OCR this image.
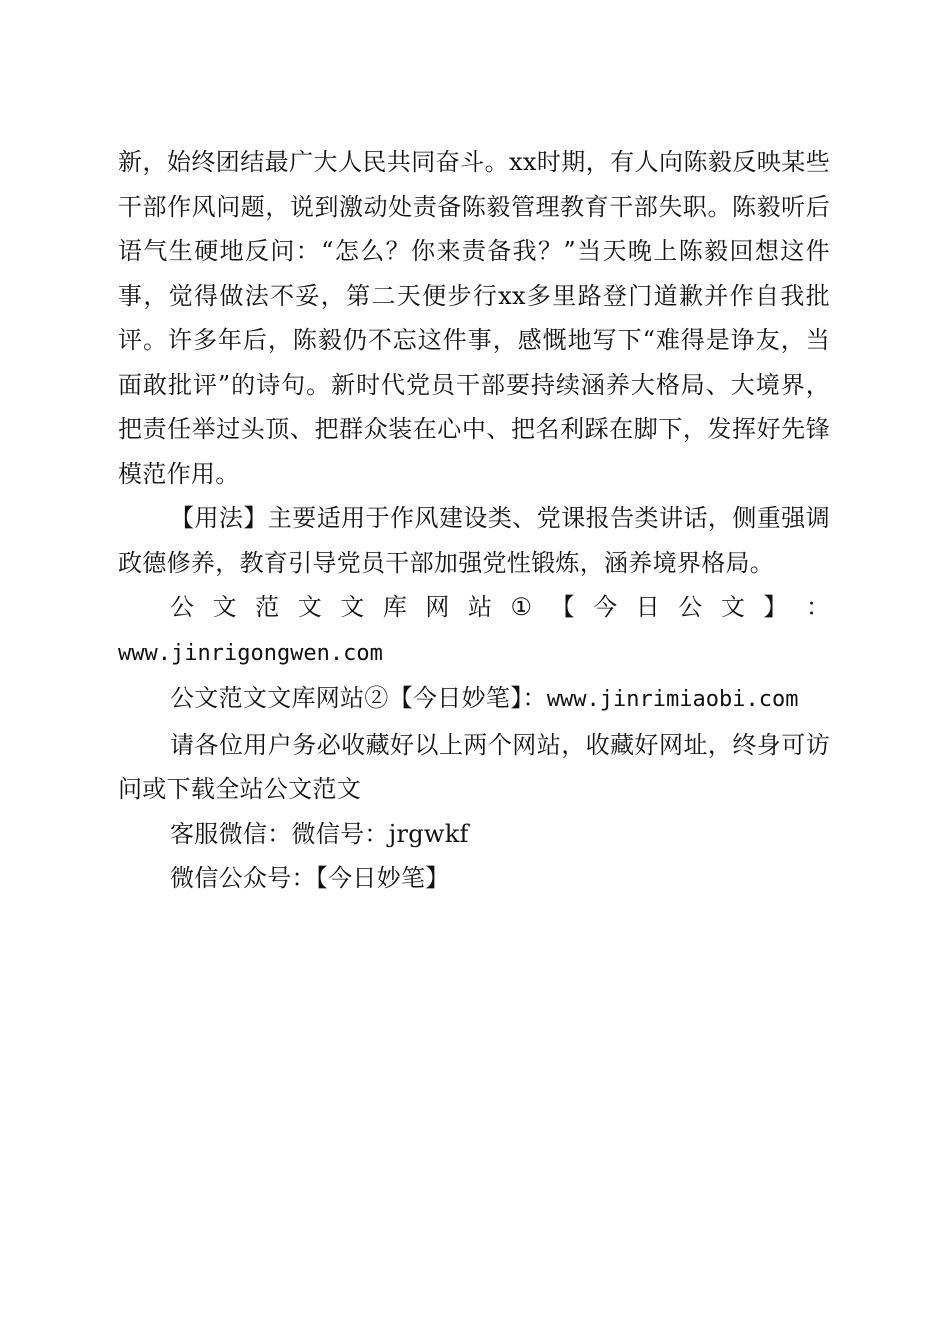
新，始终团结最广大人民共同奋斗。xx时期，有人向陈毅反映某些干部作风问题，说到激动处责备陈毅管理教育干部失职。陈毅听后语气生硬地反问：“怎么？你来责备我？”当天晚上陈毅回想这件事，觉得做法不妥，第二天便步行xx多里路登门道歉并作自我批评。许多年后，陈毅仍不忘这件事，感慨地写下“难得是诤友，当面敢批评”的诗句。新时代党员干部要持续涵养大格局、大境界，把责任举过头顶、把群众装在心中、把名利踩在脚下，发挥好先锋模范作用。

【用法】主要适用于作风建设类、党课报告类讲话，侧重强调政德修养，教育引导党员干部加强党性锻炼，涵养境界格局。

公 文 范 文 文 库 网 站 ① 【 今 日 公 文 】 ：

www.jinrigongwen.com

公文范文文库网站②【今日妙笔】：www.jinrimiaobi.com

请各位用户务必收藏好以上两个网站，收藏好网址，终身可访问或下载全站公文范文

客服微信：微信号：jrgwkf

微信公众号：【今日妙笔】
